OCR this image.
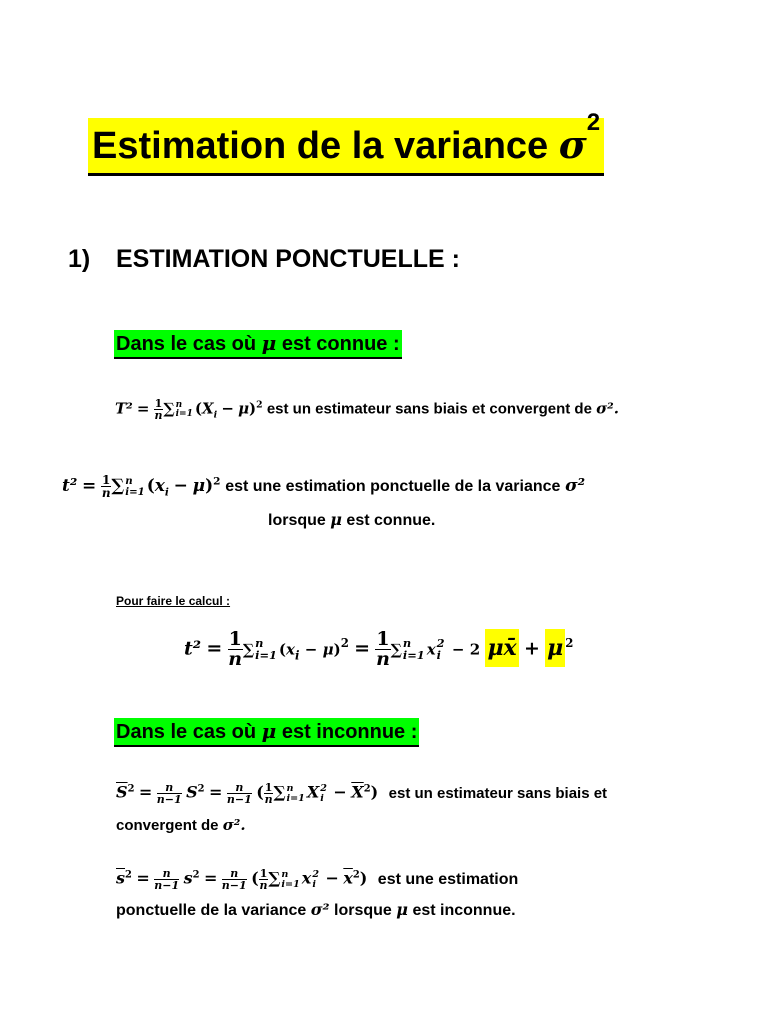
Estimation de la variance $\sigma^2$
1) ESTIMATION PONCTUELLE :
Dans le cas où μ est connue :
$T^2 = \frac{1}{n}$ ∑ n
i=1 $(X_i - \mu)^2$ est un estimateur sans biais et convergent de σ².
$t^2 = \frac{1}{n}$ ∑ n
i=1 $(x_i - \mu)^2$ est une estimation ponctuelle de la variance σ²
lorsque μ est connue.
Pour faire le calcul :
$t^2 = \frac{1}{n}$ ∑ n
i=1 $(x_i - \mu)^2 = \frac{1}{n}$ ∑ n
i=1 x 2
i − 2 μx̄ + μ $^2$
Dans le cas où μ est inconnue :
$\overline{S}^2 = \frac{n}{n-1} S^2 = \frac{n}{n-1}$ ( $\frac{1}{n}$ ∑ n
i=1 X 2
$i - \overline{X}^2$) est un estimateur sans biais et
convergent de σ².
$\overline{s}^2 = \frac{n}{n-1} s^2 = \frac{n}{n-1}$ ( $\frac{1}{n}$ ∑ n
i=1 x 2
$i - \overline{x}^2$) est une estimation
ponctuelle de la variance σ² lorsque μ est inconnue.
